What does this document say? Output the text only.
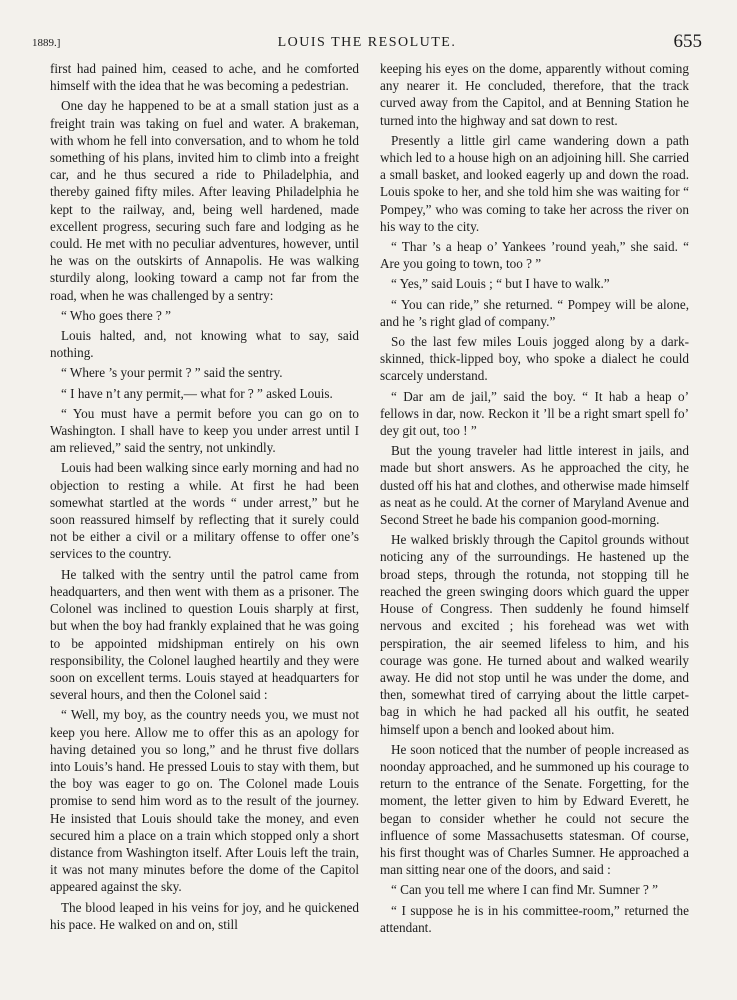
1889.]	LOUIS THE RESOLUTE.	655

first had pained him, ceased to ache, and he comforted himself with the idea that he was becoming a pedestrian.

One day he happened to be at a small station just as a freight train was taking on fuel and water. A brakeman, with whom he fell into conversation, and to whom he told something of his plans, invited him to climb into a freight car, and he thus secured a ride to Philadelphia, and thereby gained fifty miles. After leaving Philadelphia he kept to the railway, and, being well hardened, made excellent progress, securing such fare and lodging as he could. He met with no peculiar adventures, however, until he was on the outskirts of Annapolis. He was walking sturdily along, looking toward a camp not far from the road, when he was challenged by a sentry:

“ Who goes there ? ”

Louis halted, and, not knowing what to say, said nothing.

“ Where ’s your permit ? ” said the sentry.

“ I have n’t any permit,— what for ? ” asked Louis.

“ You must have a permit before you can go on to Washington. I shall have to keep you under arrest until I am relieved,” said the sentry, not unkindly.

Louis had been walking since early morning and had no objection to resting a while. At first he had been somewhat startled at the words “ under arrest,” but he soon reassured himself by reflecting that it surely could not be either a civil or a military offense to offer one’s services to the country.

He talked with the sentry until the patrol came from headquarters, and then went with them as a prisoner. The Colonel was inclined to question Louis sharply at first, but when the boy had frankly explained that he was going to be appointed midshipman entirely on his own responsibility, the Colonel laughed heartily and they were soon on excellent terms. Louis stayed at headquarters for several hours, and then the Colonel said :

“ Well, my boy, as the country needs you, we must not keep you here. Allow me to offer this as an apology for having detained you so long,” and he thrust five dollars into Louis’s hand. He pressed Louis to stay with them, but the boy was eager to go on. The Colonel made Louis promise to send him word as to the result of the journey. He insisted that Louis should take the money, and even secured him a place on a train which stopped only a short distance from Washington itself. After Louis left the train, it was not many minutes before the dome of the Capitol appeared against the sky.

The blood leaped in his veins for joy, and he quickened his pace. He walked on and on, still

keeping his eyes on the dome, apparently without coming any nearer it. He concluded, therefore, that the track curved away from the Capitol, and at Benning Station he turned into the highway and sat down to rest.

Presently a little girl came wandering down a path which led to a house high on an adjoining hill. She carried a small basket, and looked eagerly up and down the road. Louis spoke to her, and she told him she was waiting for “ Pompey,” who was coming to take her across the river on his way to the city.

“ Thar ’s a heap o’ Yankees ’round yeah,” she said. “ Are you going to town, too ? ”

“ Yes,” said Louis ; “ but I have to walk.”

“ You can ride,” she returned. “ Pompey will be alone, and he ’s right glad of company.”

So the last few miles Louis jogged along by a dark-skinned, thick-lipped boy, who spoke a dialect he could scarcely understand.

“ Dar am de jail,” said the boy. “ It hab a heap o’ fellows in dar, now. Reckon it ’ll be a right smart spell fo’ dey git out, too ! ”

But the young traveler had little interest in jails, and made but short answers. As he approached the city, he dusted off his hat and clothes, and otherwise made himself as neat as he could. At the corner of Maryland Avenue and Second Street he bade his companion good-morning.

He walked briskly through the Capitol grounds without noticing any of the surroundings. He hastened up the broad steps, through the rotunda, not stopping till he reached the green swinging doors which guard the upper House of Congress. Then suddenly he found himself nervous and excited ; his forehead was wet with perspiration, the air seemed lifeless to him, and his courage was gone. He turned about and walked wearily away. He did not stop until he was under the dome, and then, somewhat tired of carrying about the little carpet-bag in which he had packed all his outfit, he seated himself upon a bench and looked about him.

He soon noticed that the number of people increased as noonday approached, and he summoned up his courage to return to the entrance of the Senate. Forgetting, for the moment, the letter given to him by Edward Everett, he began to consider whether he could not secure the influence of some Massachusetts statesman. Of course, his first thought was of Charles Sumner. He approached a man sitting near one of the doors, and said :

“ Can you tell me where I can find Mr. Sumner ? ”

“ I suppose he is in his committee-room,” returned the attendant.
